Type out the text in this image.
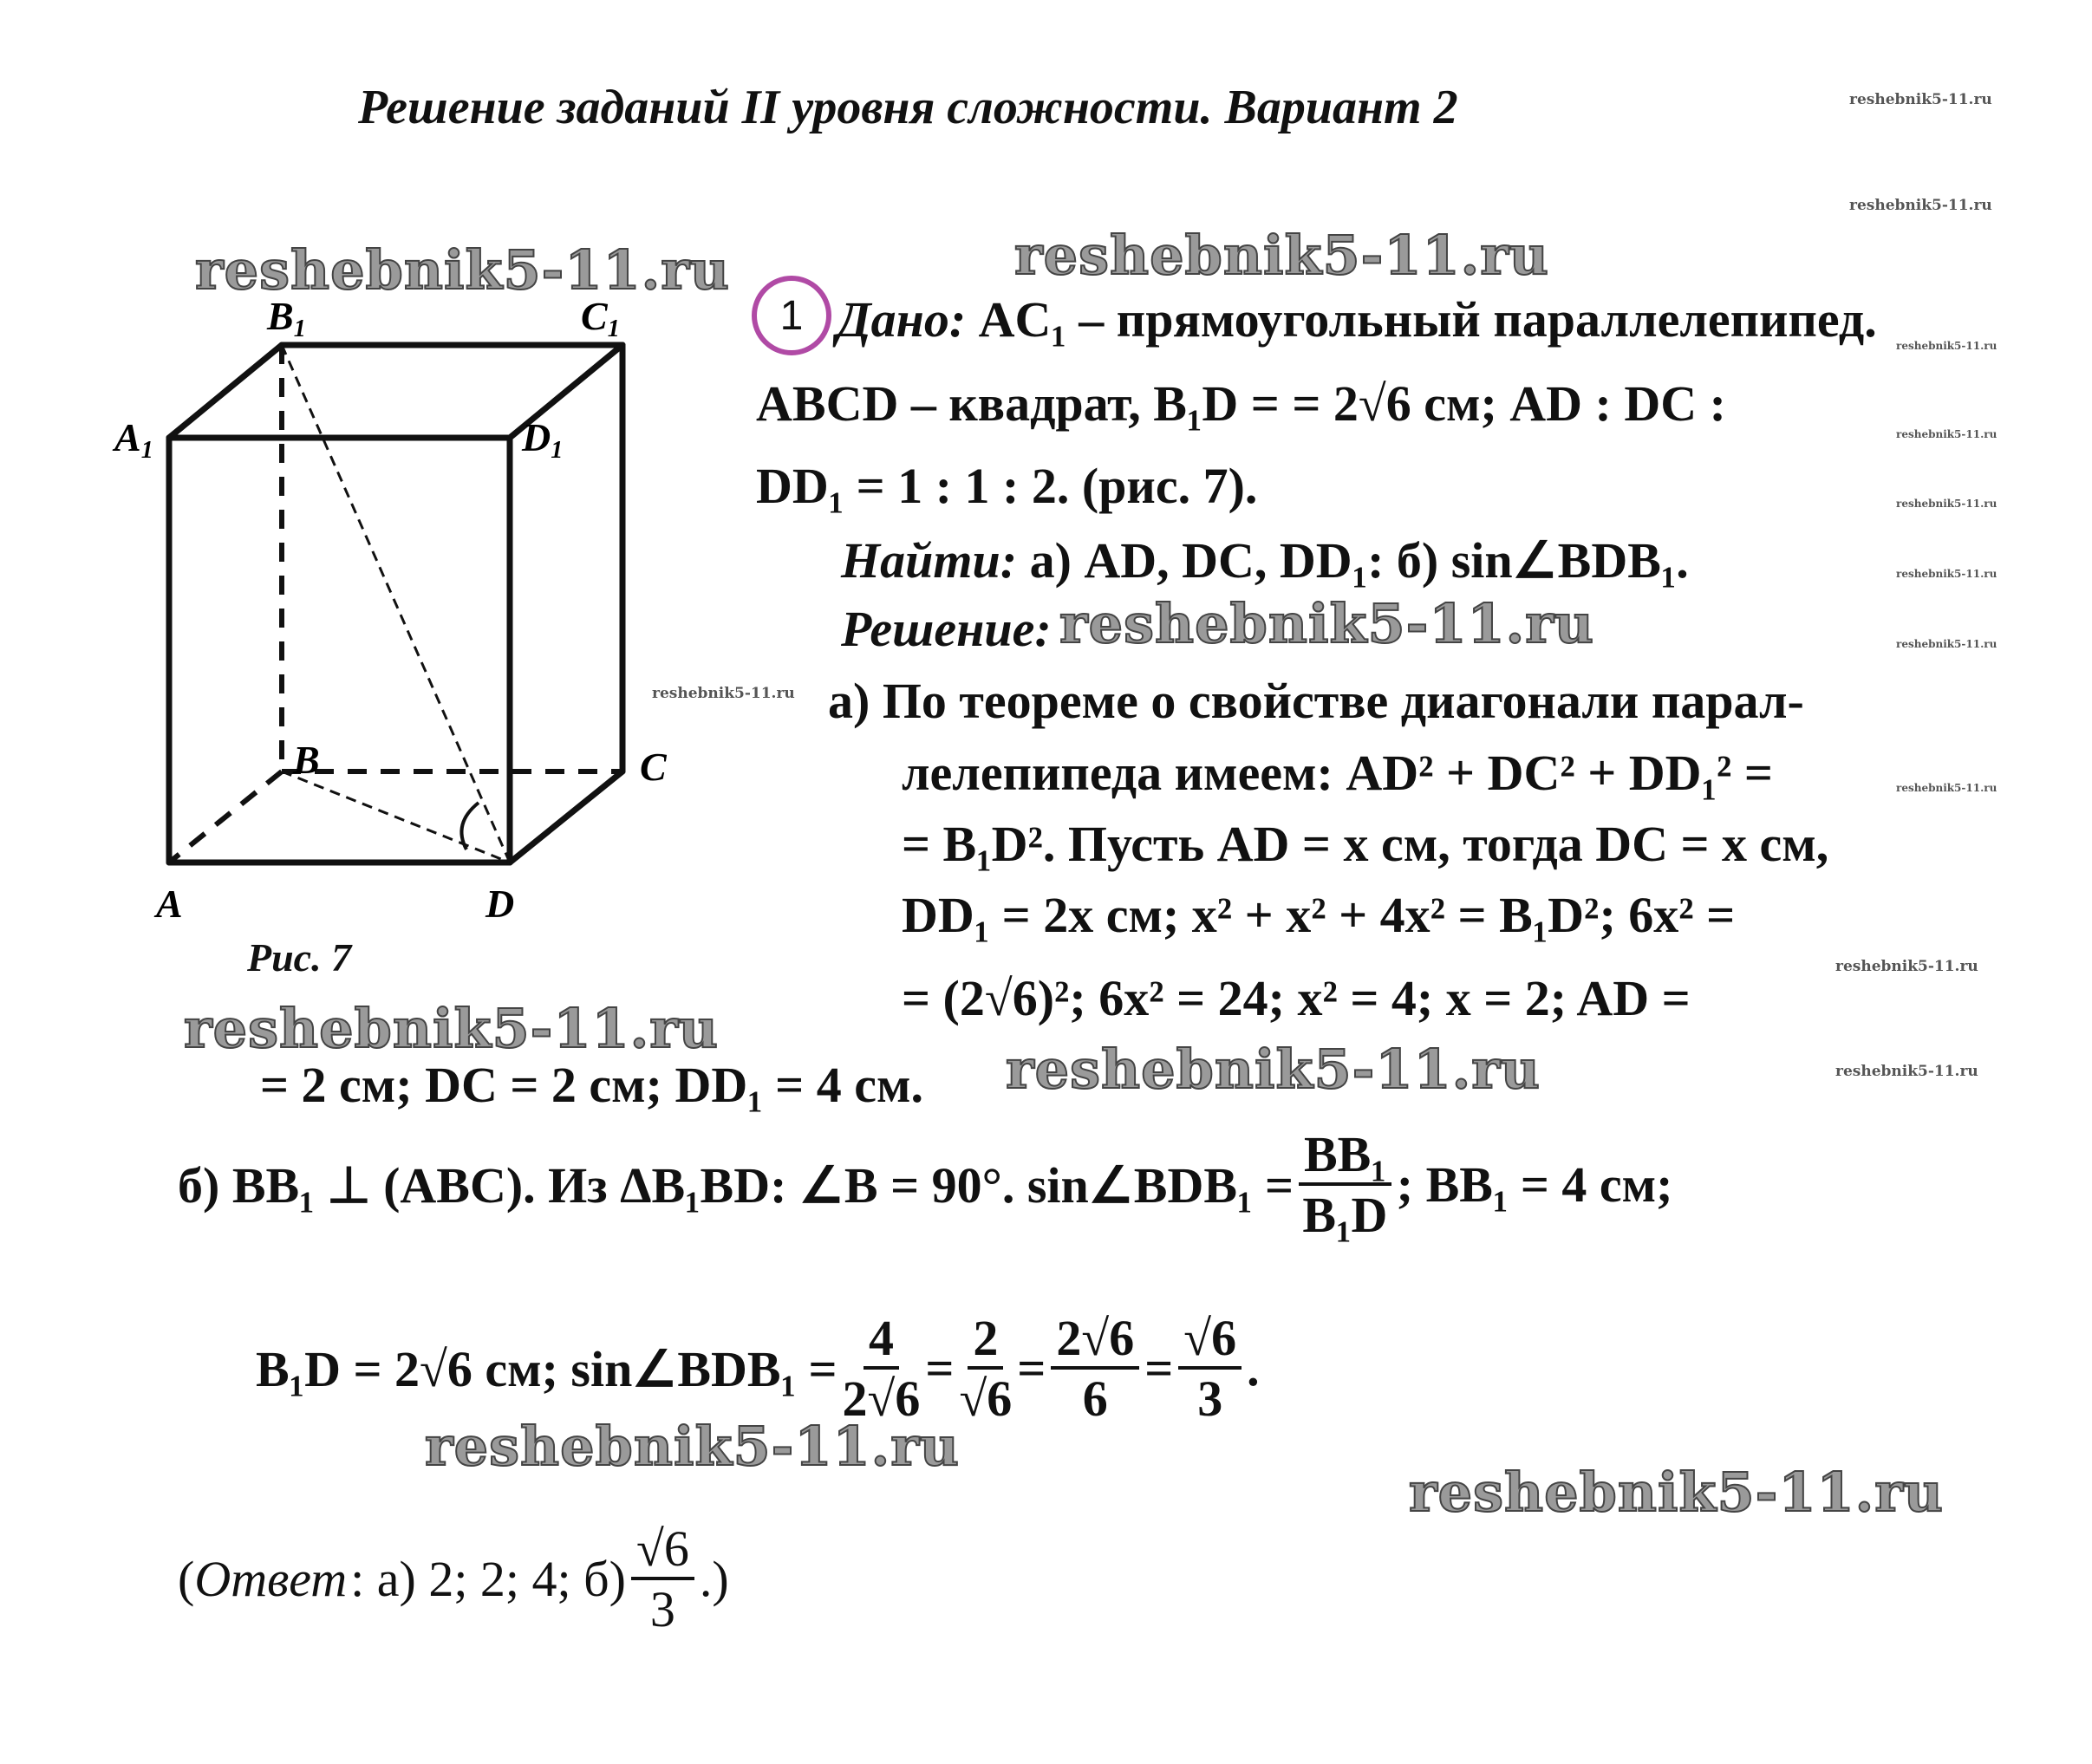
Решение заданий II уровня сложности. Вариант 2	reshebnik5-11.ru
reshebnik5-11.ru
reshebnik5-11.ru
reshebnik5-11.ru
reshebnik5-11.ru
reshebnik5-11.ru
reshebnik5-11.ru
reshebnik5-11.ru
reshebnik5-11.ru
reshebnik5-11.ru
reshebnik5-11.ru
B1	C1
A1	D1
B	C
A	D
Рис. 7
reshebnik5-11.ru	reshebnik5-11.ru
reshebnik5-11.ru
reshebnik5-11.ru
reshebnik5-11.ru
reshebnik5-11.ru
reshebnik5-11.ru
1 Дано: AC₁ – прямоугольный параллелепипед.
ABCD – квадрат, B₁D = = 2√6 см; AD : DC :
DD₁ = 1 : 1 : 2. (рис. 7).
Найти: а) AD, DC, DD₁: б) sin∠BDB₁.
Решение:
а) По теореме о свойстве диагонали парал-
лелепипеда имеем: AD² + DC² + DD₁² =
= B₁D². Пусть AD = x см, тогда DC = x см,
DD₁ = 2x см; x² + x² + 4x² = B₁D²; 6x² =
= (2√6)²; 6x² = 24; x² = 4; x = 2; AD =
= 2 см; DC = 2 см; DD₁ = 4 см.
б) BB₁ ⊥ (ABC). Из ΔB₁BD: ∠B = 90°. sin∠BDB₁ = $\frac{\text{BB₁}}{\text{B₁D}}$ ; BB₁ = 4 см;
B₁D = 2√6 см; sin∠BDB₁ = $\frac{4}{2√6} = \frac{2}{√6} = \frac{2√6}{6} = \frac{√6}{3}$ .
( Ответ : а) 2; 2; 4; $б) \frac{√6}{3}$ .)
